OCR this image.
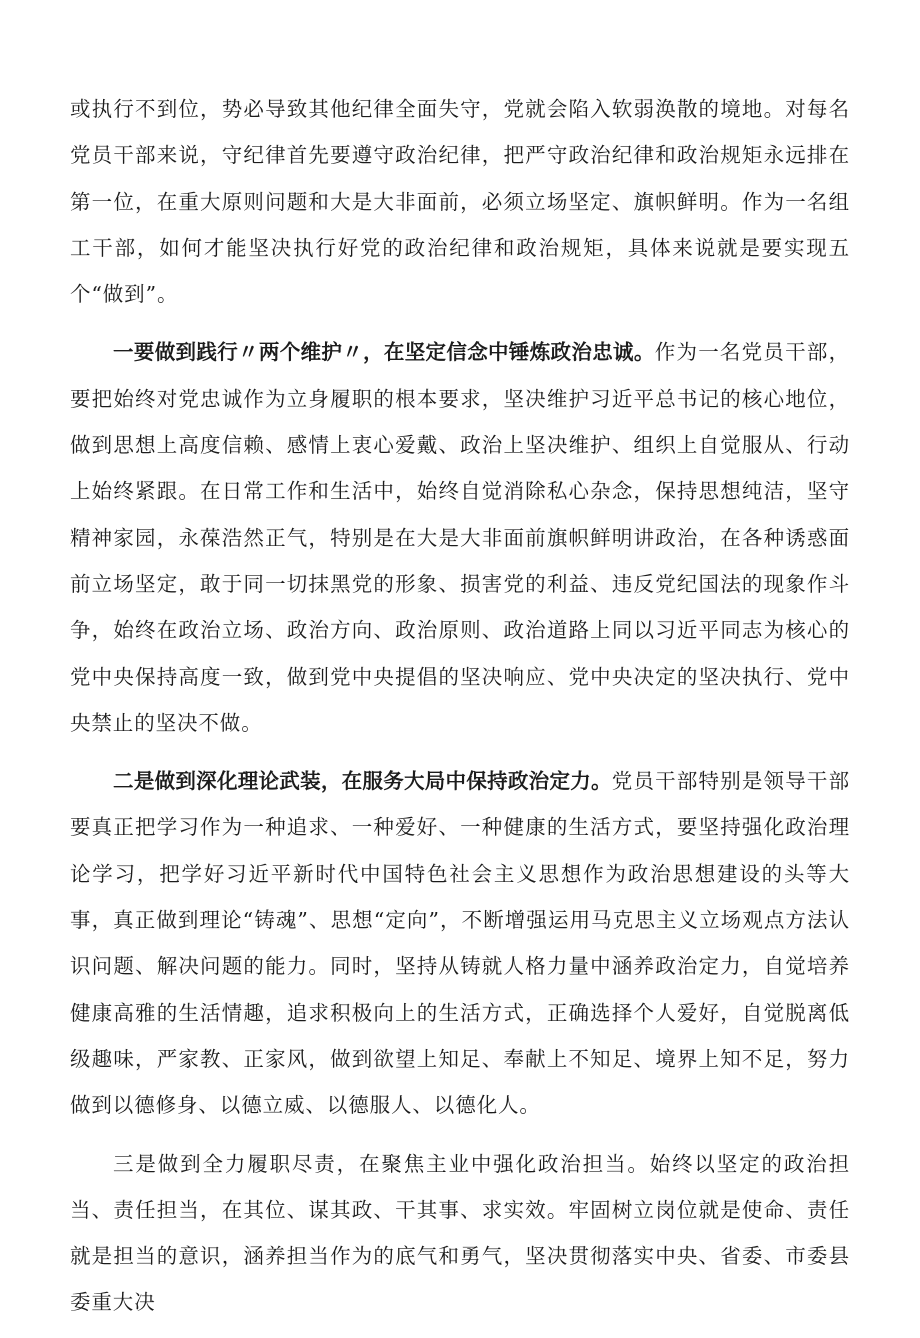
或执行不到位，势必导致其他纪律全面失守，党就会陷入软弱涣散的境地。对每名党员干部来说，守纪律首先要遵守政治纪律，把严守政治纪律和政治规矩永远排在第一位，在重大原则问题和大是大非面前，必须立场坚定、旗帜鲜明。作为一名组工干部，如何才能坚决执行好党的政治纪律和政治规矩，具体来说就是要实现五个“做到”。

一要做到践行〃两个维护〃，在坚定信念中锤炼政治忠诚。作为一名党员干部，要把始终对党忠诚作为立身履职的根本要求，坚决维护习近平总书记的核心地位，做到思想上高度信赖、感情上衷心爱戴、政治上坚决维护、组织上自觉服从、行动上始终紧跟。在日常工作和生活中，始终自觉消除私心杂念，保持思想纯洁，坚守精神家园，永葆浩然正气，特别是在大是大非面前旗帜鲜明讲政治，在各种诱惑面前立场坚定，敢于同一切抹黑党的形象、损害党的利益、违反党纪国法的现象作斗争，始终在政治立场、政治方向、政治原则、政治道路上同以习近平同志为核心的党中央保持高度一致，做到党中央提倡的坚决响应、党中央决定的坚决执行、党中央禁止的坚决不做。

二是做到深化理论武装，在服务大局中保持政治定力。党员干部特别是领导干部要真正把学习作为一种追求、一种爱好、一种健康的生活方式，要坚持强化政治理论学习，把学好习近平新时代中国特色社会主义思想作为政治思想建设的头等大事，真正做到理论“铸魂”、思想“定向”，不断增强运用马克思主义立场观点方法认识问题、解决问题的能力。同时，坚持从铸就人格力量中涵养政治定力，自觉培养健康高雅的生活情趣，追求积极向上的生活方式，正确选择个人爱好，自觉脱离低级趣味，严家教、正家风，做到欲望上知足、奉献上不知足、境界上知不足，努力做到以德修身、以德立威、以德服人、以德化人。

三是做到全力履职尽责，在聚焦主业中强化政治担当。始终以坚定的政治担当、责任担当，在其位、谋其政、干其事、求实效。牢固树立岗位就是使命、责任就是担当的意识，涵养担当作为的底气和勇气，坚决贯彻落实中央、省委、市委县委重大决
